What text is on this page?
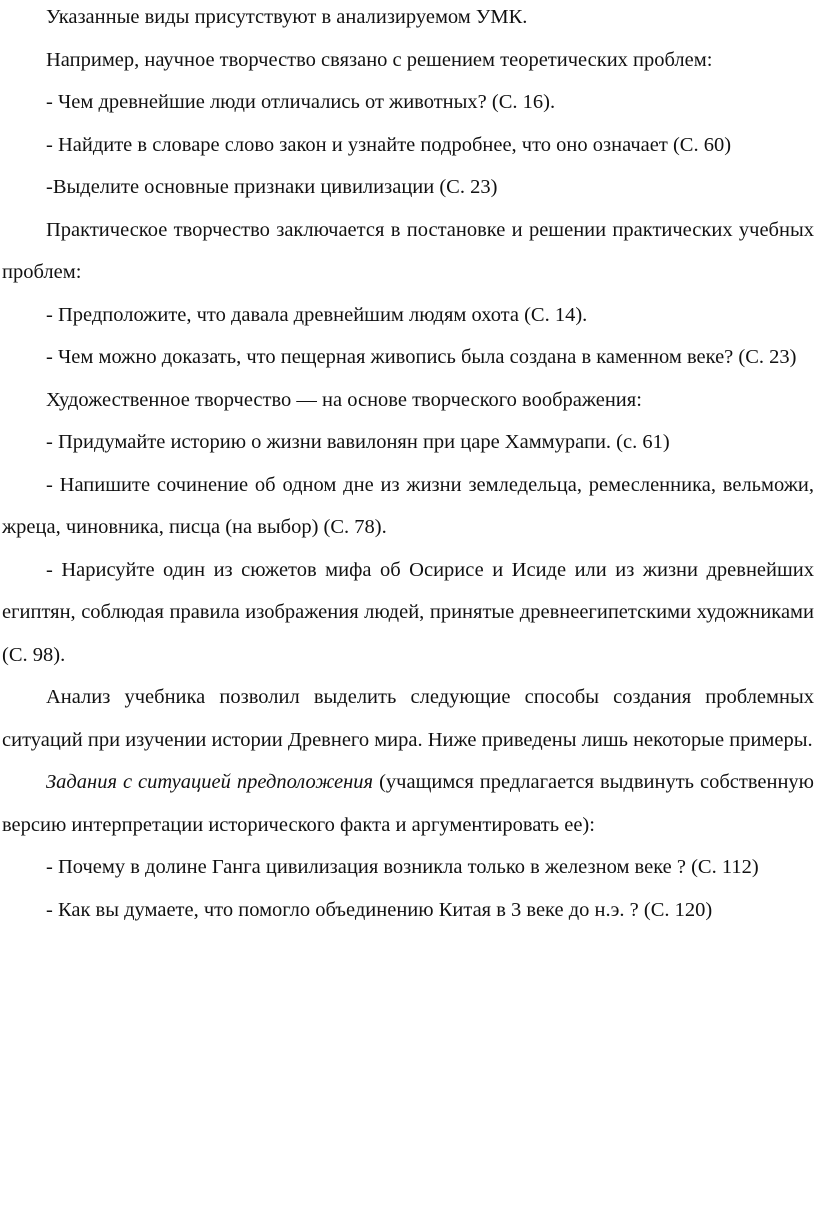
Указанные виды присутствуют в анализируемом УМК.

Например, научное творчество связано с решением теоретических проблем:

- Чем древнейшие люди отличались от животных? (С. 16).

- Найдите в словаре слово закон и узнайте подробнее, что оно означает (С. 60)

-Выделите основные признаки цивилизации (С. 23)

Практическое творчество заключается в постановке и решении практических учебных проблем:

- Предположите, что давала древнейшим людям охота (С. 14).

- Чем можно доказать, что пещерная живопись была создана в каменном веке? (С. 23)

Художественное творчество — на основе творческого воображения:

- Придумайте историю о жизни вавилонян при царе Хаммурапи. (с. 61)

- Напишите сочинение об одном дне из жизни земледельца, ремесленника, вельможи, жреца, чиновника, писца (на выбор) (С. 78).

- Нарисуйте один из сюжетов мифа об Осирисе и Исиде или из жизни древнейших египтян, соблюдая правила изображения людей, принятые древнеегипетскими художниками (С. 98).

Анализ учебника позволил выделить следующие способы создания проблемных ситуаций при изучении истории Древнего мира. Ниже приведены лишь некоторые примеры.

Задания с ситуацией предположения (учащимся предлагается выдвинуть собственную версию интерпретации исторического факта и аргументировать ее):

- Почему в долине Ганга цивилизация возникла только в железном веке ? (С. 112)

- Как вы думаете, что помогло объединению Китая в 3 веке до н.э. ? (С. 120)
